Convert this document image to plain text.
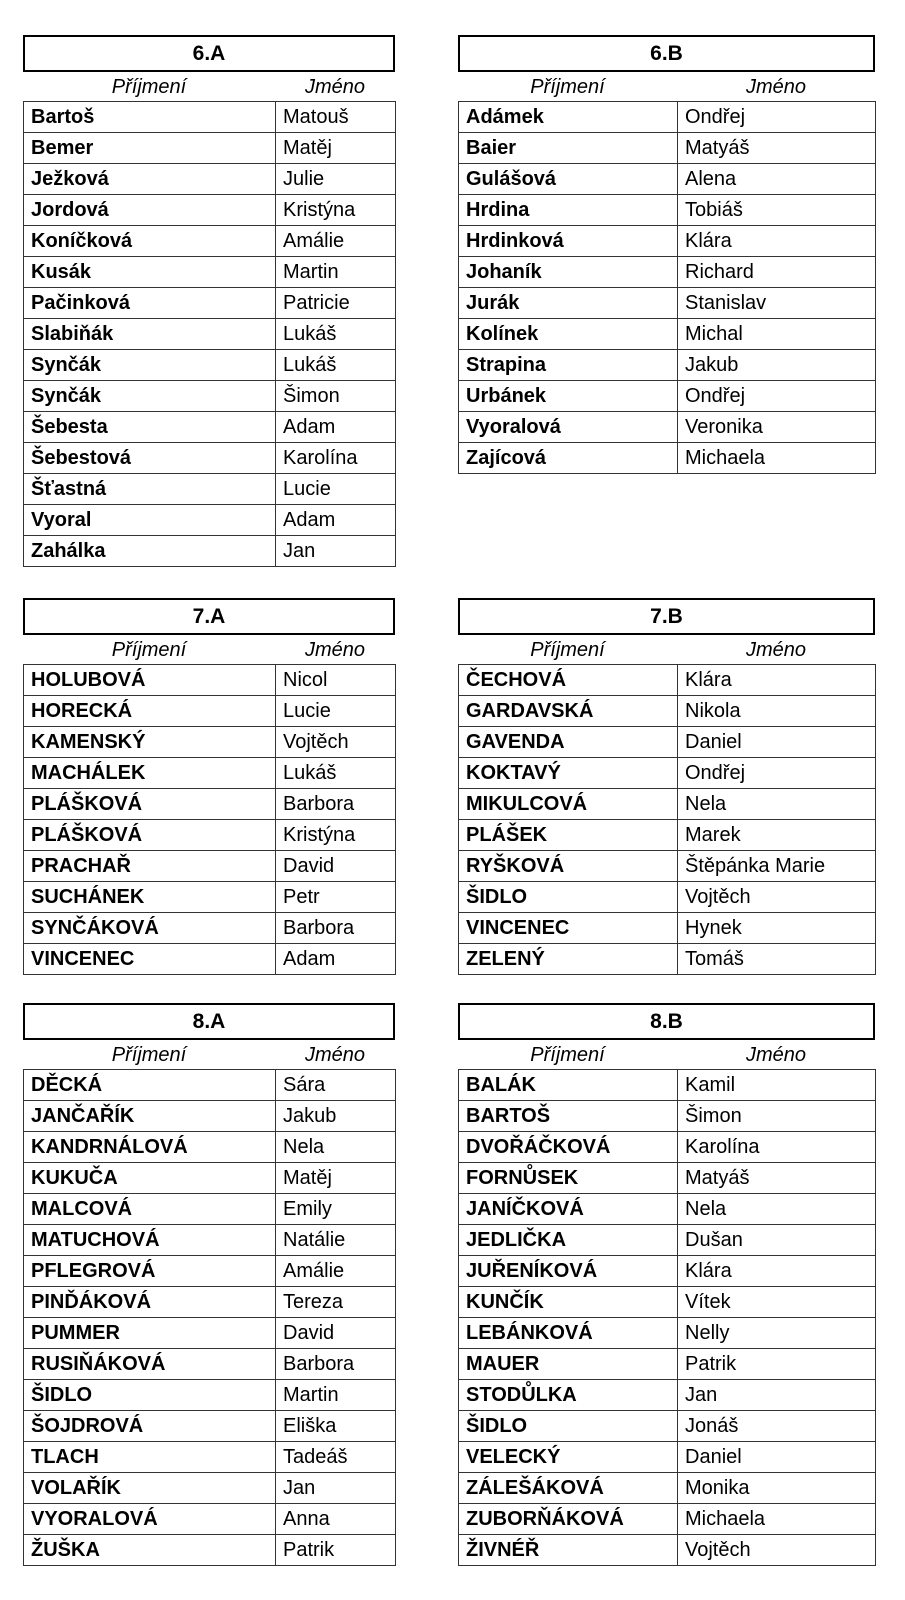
6.A
Příjmení	Jméno
Bartoš	Matouš
Bemer	Matěj
Ježková	Julie
Jordová	Kristýna
Koníčková	Amálie
Kusák	Martin
Pačinková	Patricie
Slabiňák	Lukáš
Synčák	Lukáš
Synčák	Šimon
Šebesta	Adam
Šebestová	Karolína
Šťastná	Lucie
Vyoral	Adam
Zahálka	Jan
6.B
Příjmení	Jméno
Adámek	Ondřej
Baier	Matyáš
Gulášová	Alena
Hrdina	Tobiáš
Hrdinková	Klára
Johaník	Richard
Jurák	Stanislav
Kolínek	Michal
Strapina	Jakub
Urbánek	Ondřej
Vyoralová	Veronika
Zajícová	Michaela
7.A
Příjmení	Jméno
HOLUBOVÁ	Nicol
HORECKÁ	Lucie
KAMENSKÝ	Vojtěch
MACHÁLEK	Lukáš
PLÁŠKOVÁ	Barbora
PLÁŠKOVÁ	Kristýna
PRACHAŘ	David
SUCHÁNEK	Petr
SYNČÁKOVÁ	Barbora
VINCENEC	Adam
7.B
Příjmení	Jméno
ČECHOVÁ	Klára
GARDAVSKÁ	Nikola
GAVENDA	Daniel
KOKTAVÝ	Ondřej
MIKULCOVÁ	Nela
PLÁŠEK	Marek
RYŠKOVÁ	Štěpánka Marie
ŠIDLO	Vojtěch
VINCENEC	Hynek
ZELENÝ	Tomáš
8.A
Příjmení	Jméno
DĚCKÁ	Sára
JANČAŘÍK	Jakub
KANDRNÁLOVÁ	Nela
KUKUČA	Matěj
MALCOVÁ	Emily
MATUCHOVÁ	Natálie
PFLEGROVÁ	Amálie
PINĎÁKOVÁ	Tereza
PUMMER	David
RUSIŇÁKOVÁ	Barbora
ŠIDLO	Martin
ŠOJDROVÁ	Eliška
TLACH	Tadeáš
VOLAŘÍK	Jan
VYORALOVÁ	Anna
ŽUŠKA	Patrik
8.B
Příjmení	Jméno
BALÁK	Kamil
BARTOŠ	Šimon
DVOŘÁČKOVÁ	Karolína
FORNŮSEK	Matyáš
JANÍČKOVÁ	Nela
JEDLIČKA	Dušan
JUŘENÍKOVÁ	Klára
KUNČÍK	Vítek
LEBÁNKOVÁ	Nelly
MAUER	Patrik
STODŮLKA	Jan
ŠIDLO	Jonáš
VELECKÝ	Daniel
ZÁLEŠÁKOVÁ	Monika
ZUBORŇÁKOVÁ	Michaela
ŽIVNÉŘ	Vojtěch
